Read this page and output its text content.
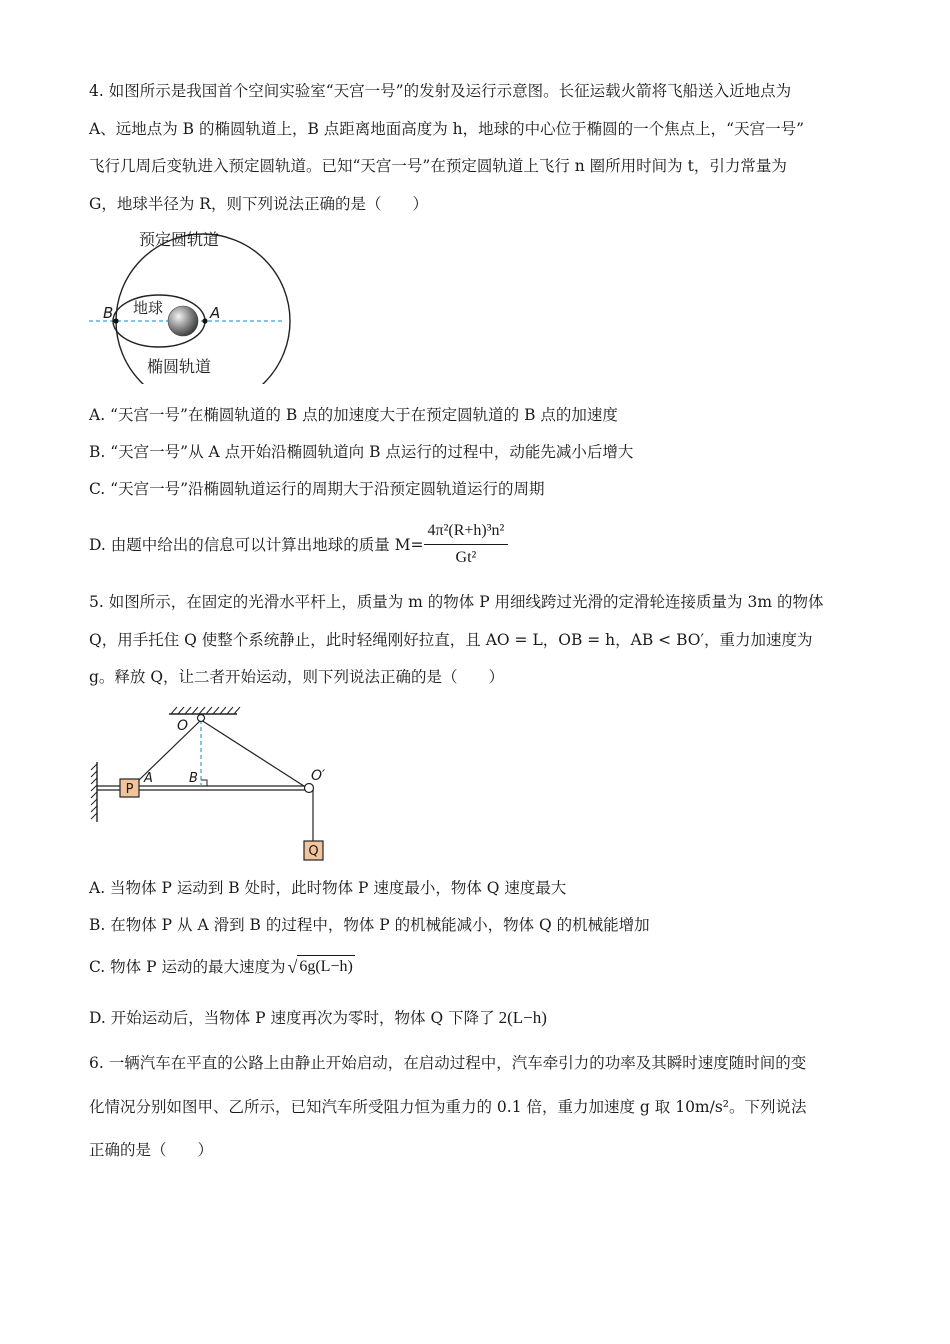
4. 如图所示是我国首个空间实验室“天宫一号”的发射及运行示意图。长征运载火箭将飞船送入近地点为
A、远地点为 B 的椭圆轨道上，B 点距离地面高度为 h，地球的中心位于椭圆的一个焦点上，“天宫一号”
飞行几周后变轨进入预定圆轨道。已知“天宫一号”在预定圆轨道上飞行 n 圈所用时间为 t，引力常量为
G，地球半径为 R，则下列说法正确的是（　　）
预定圆轨道
地球
椭圆轨道
B	A
A. “天宫一号”在椭圆轨道的 B 点的加速度大于在预定圆轨道的 B 点的加速度
B. “天宫一号”从 A 点开始沿椭圆轨道向 B 点运行的过程中，动能先减小后增大
C. “天宫一号”沿椭圆轨道运行的周期大于沿预定圆轨道运行的周期
D. 由题中给出的信息可以计算出地球的质量 $M= \frac{\text{4π²(R+h)³n²}}{\text{Gt²}}$
5. 如图所示，在固定的光滑水平杆上，质量为 m 的物体 P 用细线跨过光滑的定滑轮连接质量为 3m 的物体
Q，用手托住 Q 使整个系统静止，此时轻绳刚好拉直，且 AO = L，OB = h，AB < BO′，重力加速度为
g。释放 Q，让二者开始运动，则下列说法正确的是（　　）
P
Q
O
O′
A	B
A. 当物体 P 运动到 B 处时，此时物体 P 速度最小，物体 Q 速度最大
B. 在物体 P 从 A 滑到 B 的过程中，物体 P 的机械能减小，物体 Q 的机械能增加
C. 物体 P 运动的最大速度为 √ 6g(L−h)
D. 开始运动后，当物体 P 速度再次为零时，物体 Q 下降了 2(L−h)
6. 一辆汽车在平直的公路上由静止开始启动，在启动过程中，汽车牵引力的功率及其瞬时速度随时间的变
化情况分别如图甲、乙所示，已知汽车所受阻力恒为重力的 0.1 倍，重力加速度 g 取 10m/s²。下列说法
正确的是（　　）
